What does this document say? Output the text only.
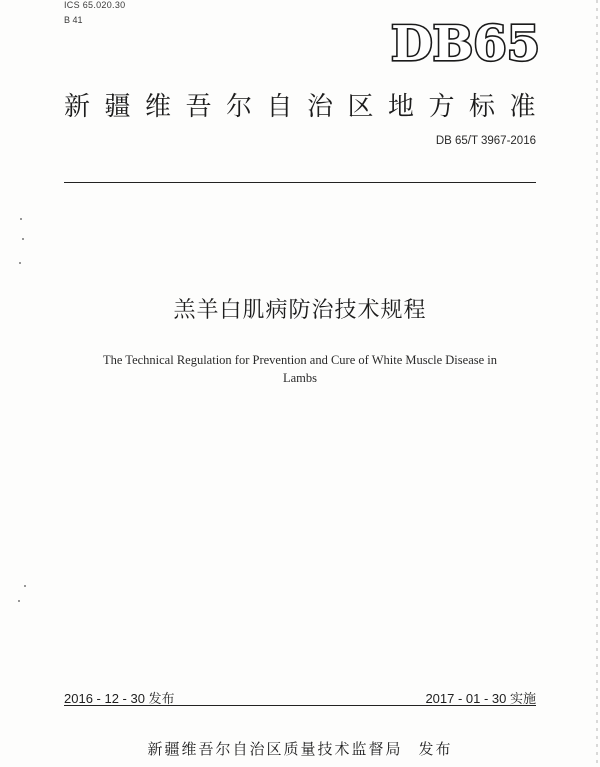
ICS 65.020.30
B 41	DB65
新疆维吾尔自治区地方标准
DB 65/T 3967-2016
羔羊白肌病防治技术规程
The Technical Regulation for Prevention and Cure of White Muscle Disease in
Lambs
2016 - 12 - 30 发布	2017 - 01 - 30 实施
新疆维吾尔自治区质量技术监督局 发布
